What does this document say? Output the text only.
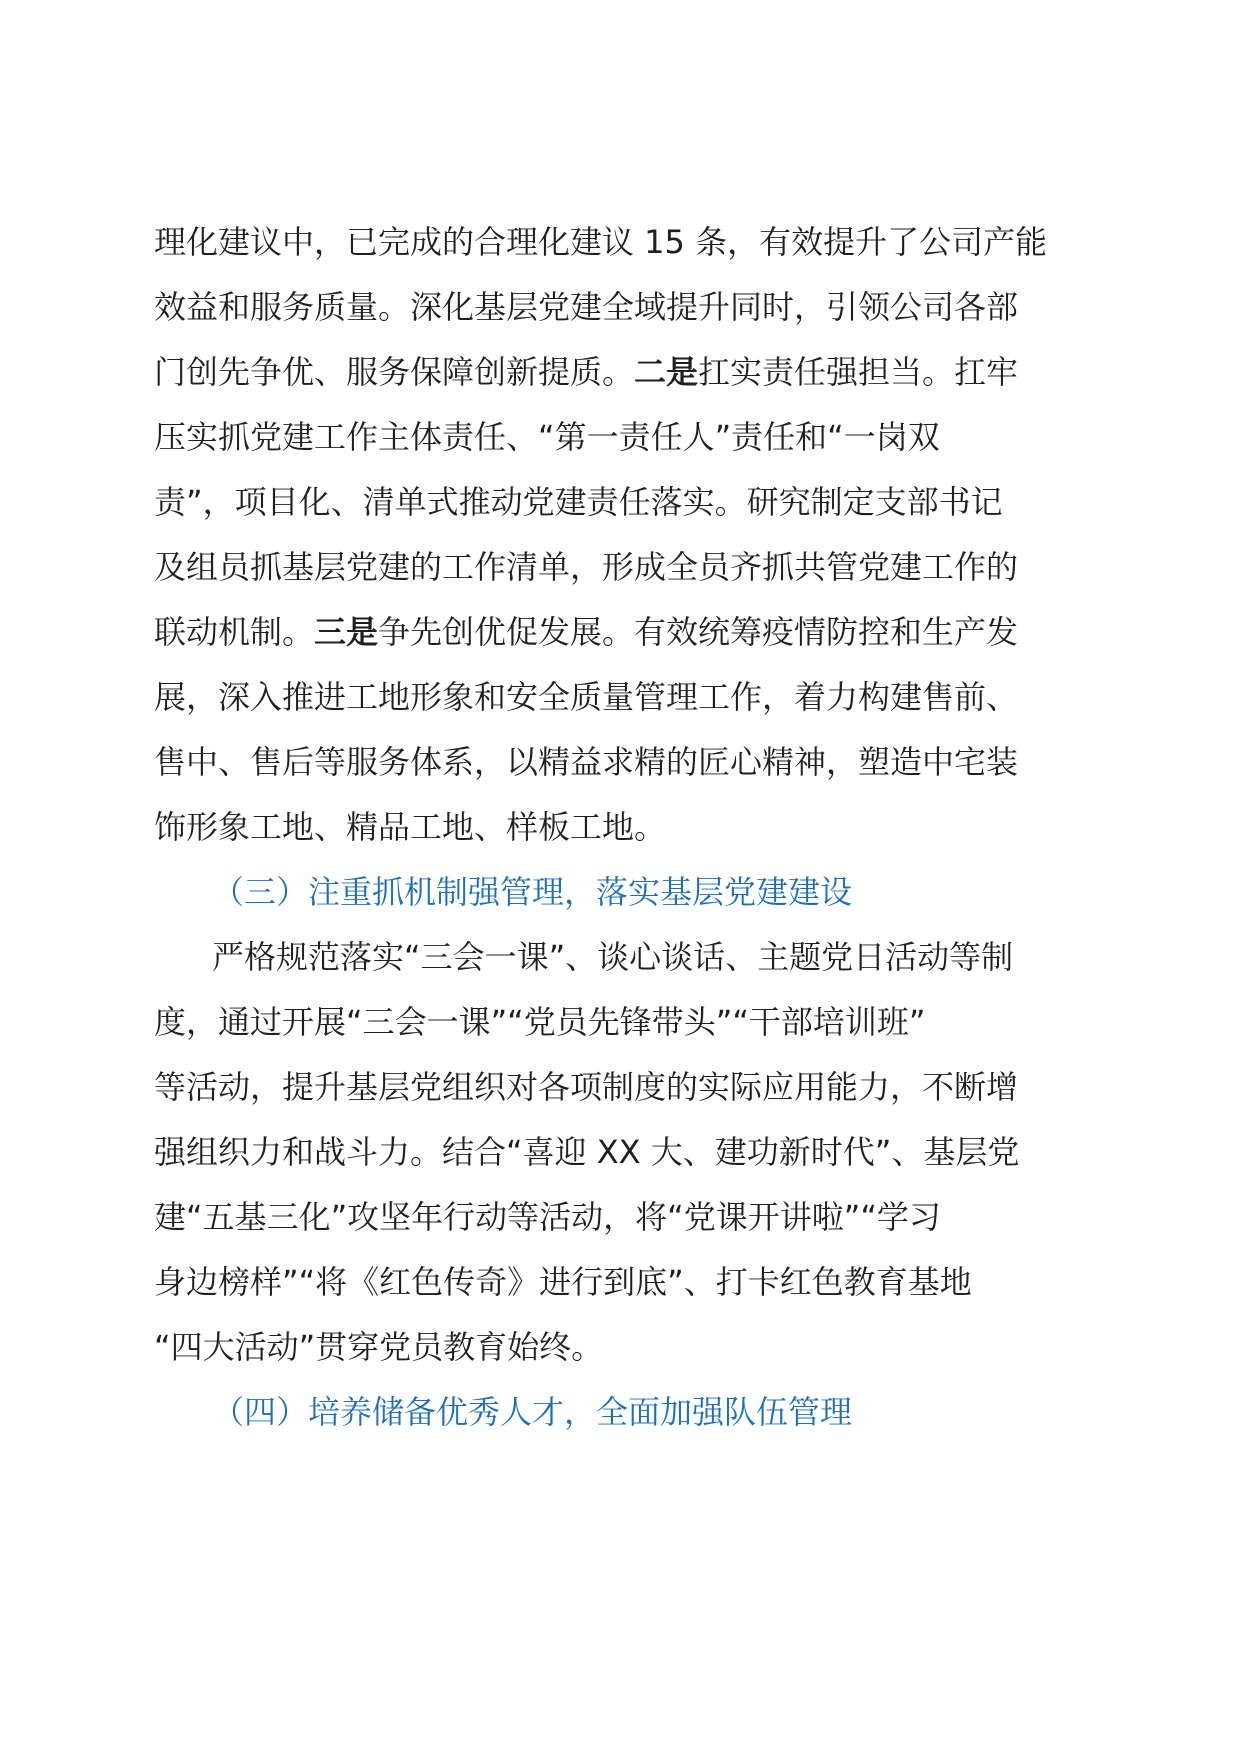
理化建议中，已完成的合理化建议 15 条，有效提升了公司产能
效益和服务质量。深化基层党建全域提升同时，引领公司各部
门创先争优、服务保障创新提质。二是扛实责任强担当。扛牢
压实抓党建工作主体责任、“第一责任人”责任和“一岗双
责”，项目化、清单式推动党建责任落实。研究制定支部书记
及组员抓基层党建的工作清单，形成全员齐抓共管党建工作的
联动机制。三是争先创优促发展。有效统筹疫情防控和生产发
展，深入推进工地形象和安全质量管理工作，着力构建售前、
售中、售后等服务体系，以精益求精的匠心精神，塑造中宅装
饰形象工地、精品工地、样板工地。
（三）注重抓机制强管理，落实基层党建建设
严格规范落实“三会一课”、谈心谈话、主题党日活动等制
度，通过开展“三会一课”“党员先锋带头”“干部培训班”
等活动，提升基层党组织对各项制度的实际应用能力，不断增
强组织力和战斗力。结合“喜迎 XX 大、建功新时代”、基层党
建“五基三化”攻坚年行动等活动，将“党课开讲啦”“学习
身边榜样”“将《红色传奇》进行到底”、打卡红色教育基地
“四大活动”贯穿党员教育始终。
（四）培养储备优秀人才，全面加强队伍管理
